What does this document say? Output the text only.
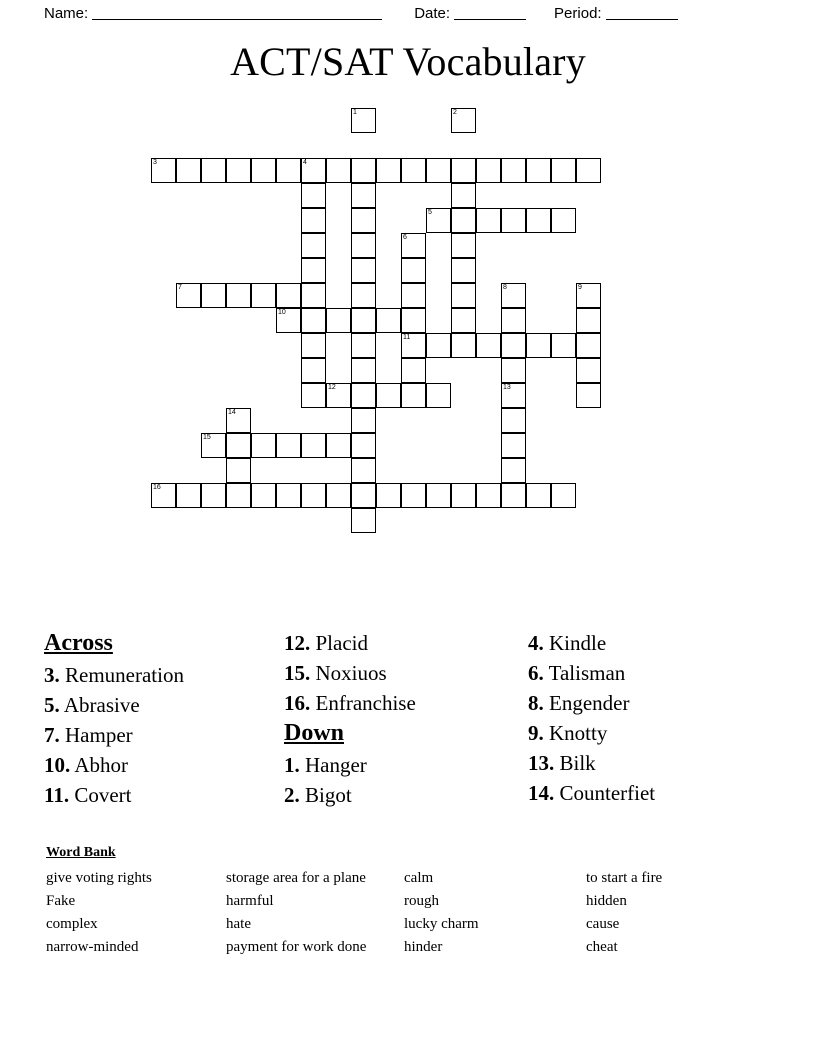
Name:	Date:	Period:
ACT/SAT Vocabulary
1	2
3	4
5
6
7	8	9
10
11
12	13
14
15
16
Across
3. Remuneration
5. Abrasive
7. Hamper
10. Abhor
11. Covert
12. Placid
15. Noxiuos
16. Enfranchise
Down
1. Hanger
2. Bigot
4. Kindle
6. Talisman
8. Engender
9. Knotty
13. Bilk
14. Counterfiet
Word Bank
give voting rights	storage area for a plane	calm	to start a fire
Fake	harmful	rough	hidden
complex	hate	lucky charm	cause
narrow-minded	payment for work done	hinder	cheat
